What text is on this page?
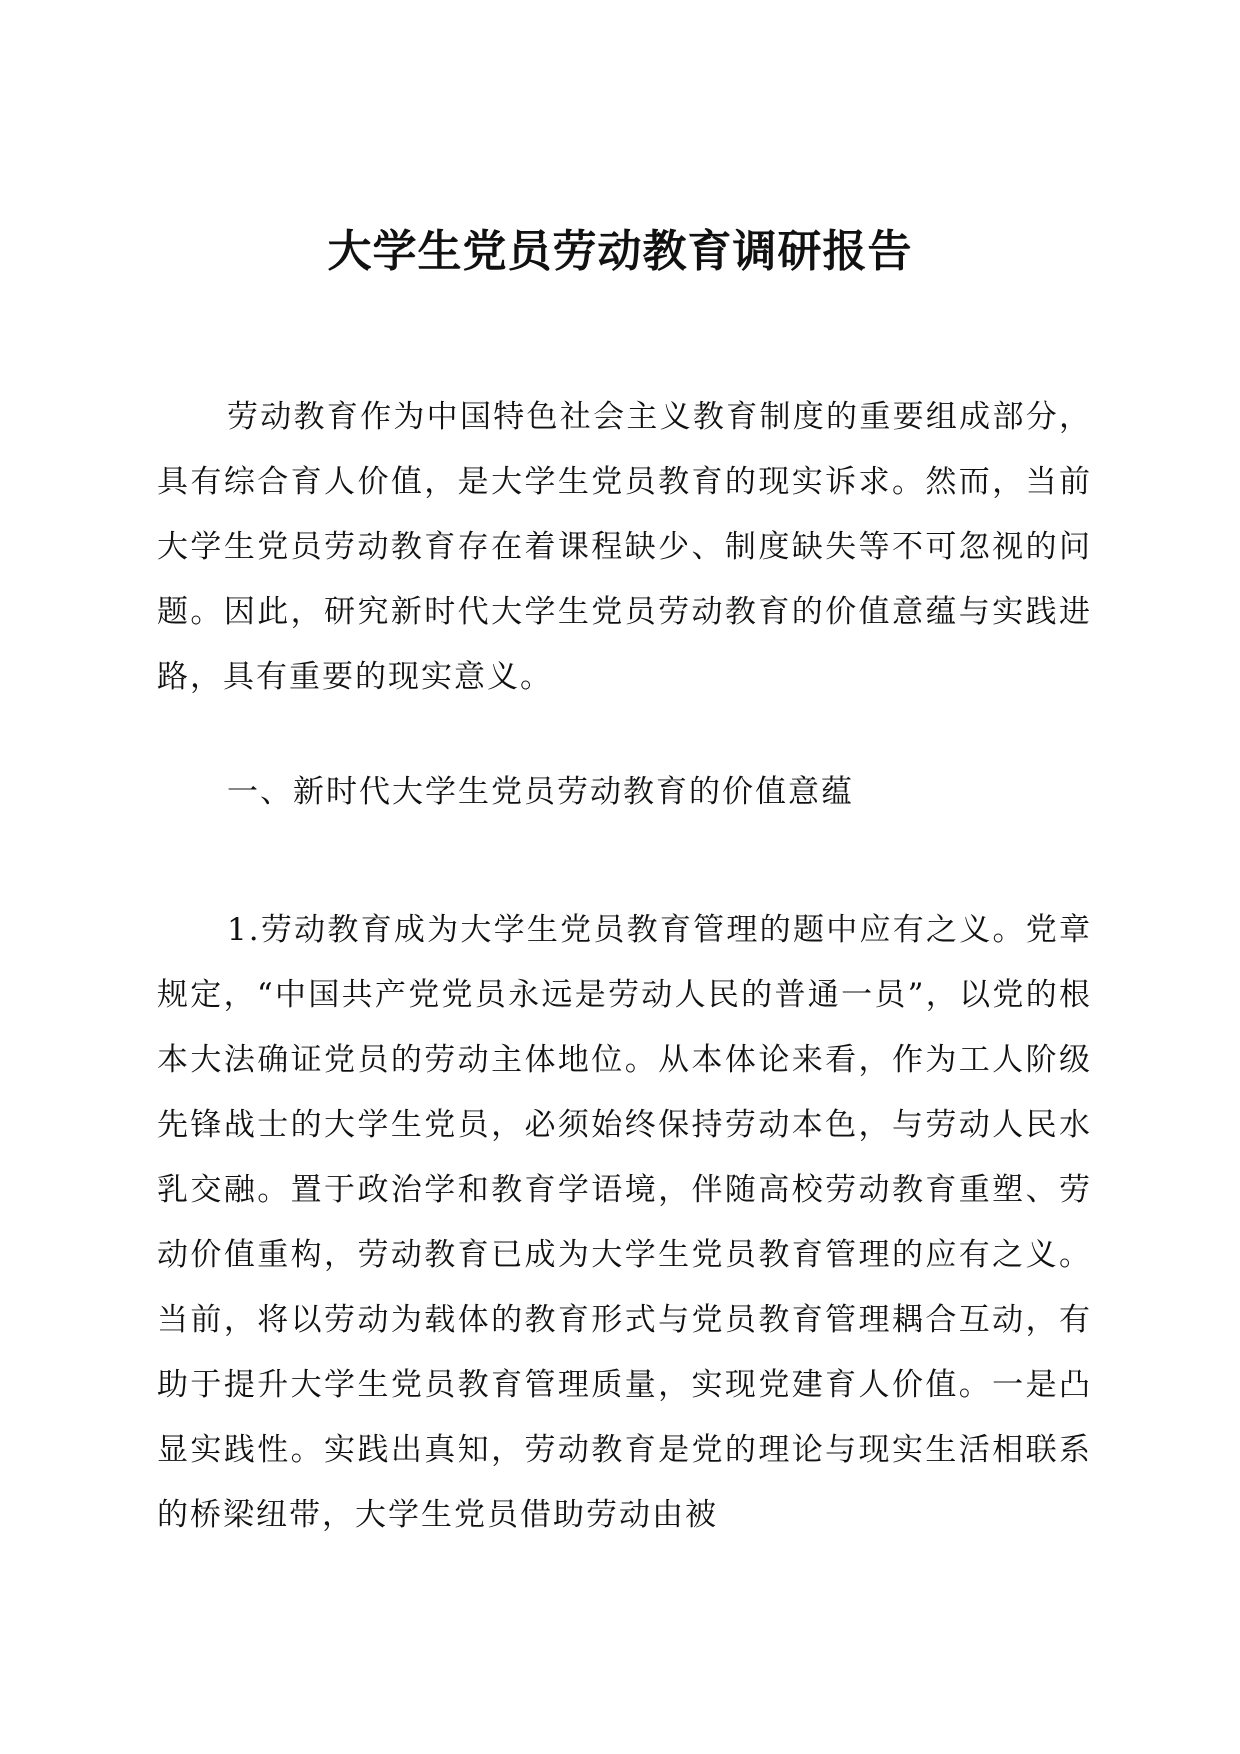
大学生党员劳动教育调研报告

劳动教育作为中国特色社会主义教育制度的重要组成部分，具有综合育人价值，是大学生党员教育的现实诉求。然而，当前大学生党员劳动教育存在着课程缺少、制度缺失等不可忽视的问题。因此，研究新时代大学生党员劳动教育的价值意蕴与实践进路，具有重要的现实意义。

一、新时代大学生党员劳动教育的价值意蕴

1.劳动教育成为大学生党员教育管理的题中应有之义。党章规定，“中国共产党党员永远是劳动人民的普通一员”，以党的根本大法确证党员的劳动主体地位。从本体论来看，作为工人阶级先锋战士的大学生党员，必须始终保持劳动本色，与劳动人民水乳交融。置于政治学和教育学语境，伴随高校劳动教育重塑、劳动价值重构，劳动教育已成为大学生党员教育管理的应有之义。当前，将以劳动为载体的教育形式与党员教育管理耦合互动，有助于提升大学生党员教育管理质量，实现党建育人价值。一是凸显实践性。实践出真知，劳动教育是党的理论与现实生活相联系的桥梁纽带，大学生党员借助劳动由被
